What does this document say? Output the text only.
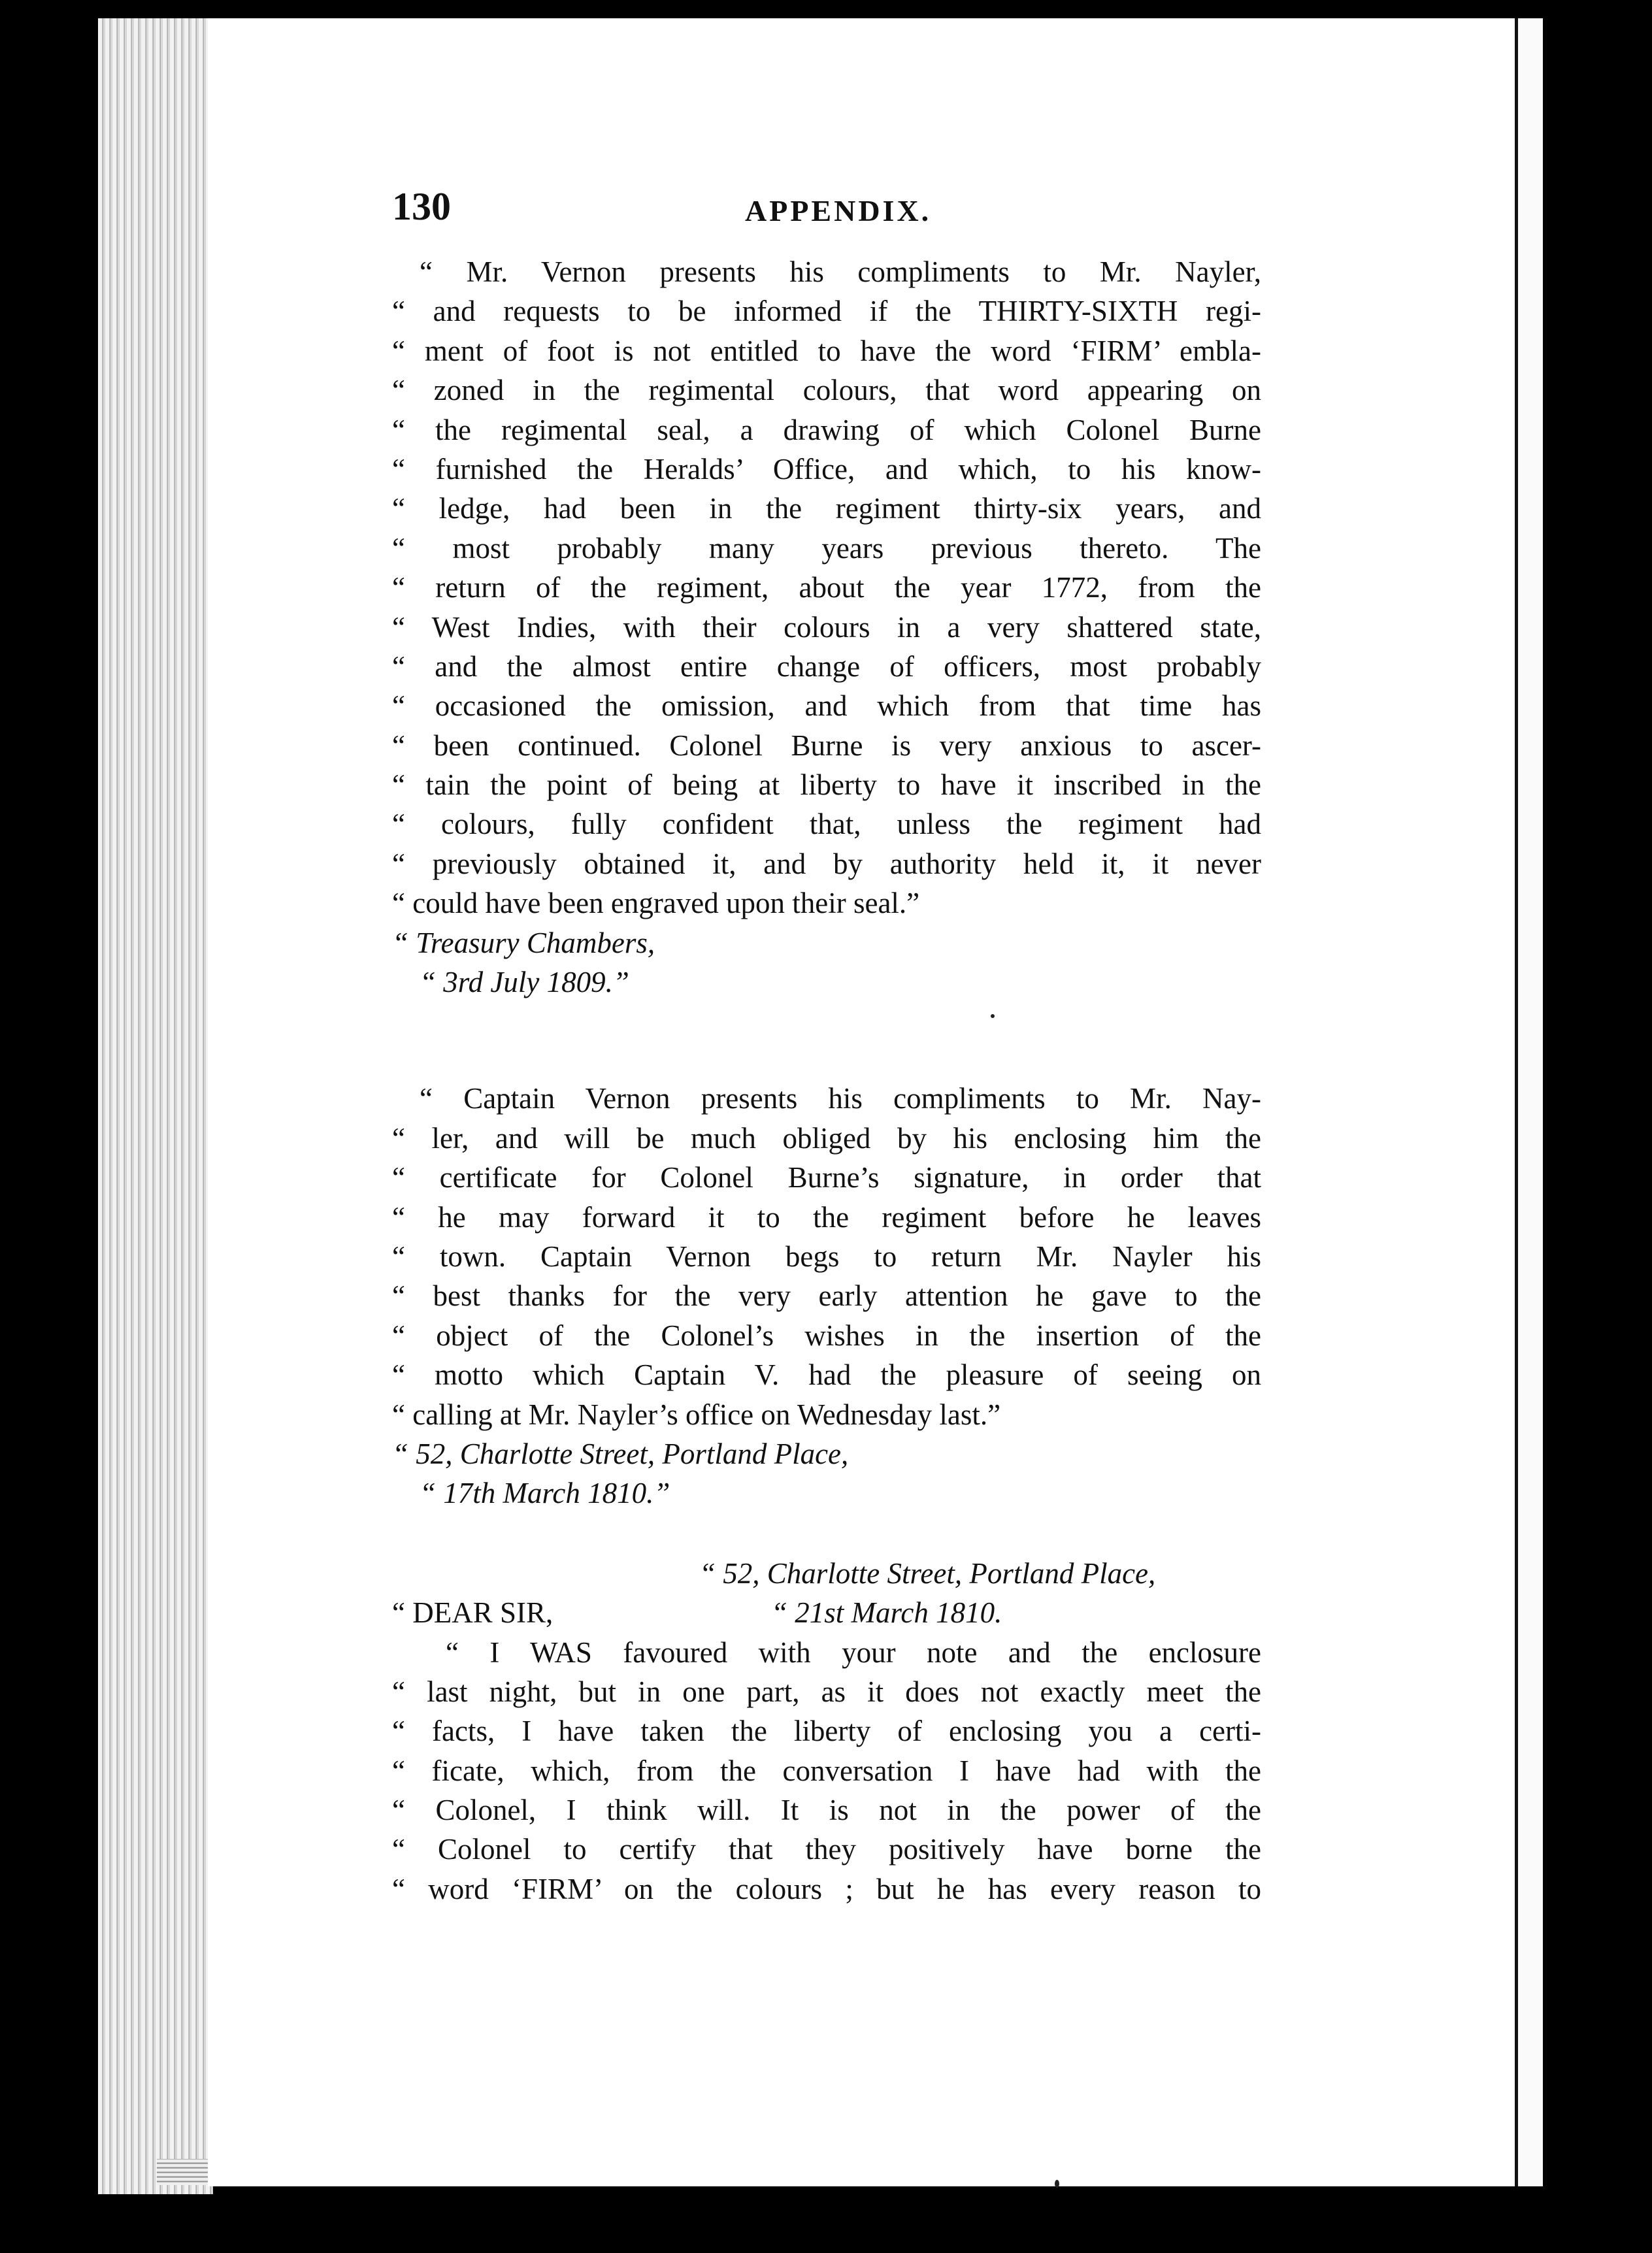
130	APPENDIX.
“ Mr. Vernon presents his compliments to Mr. Nayler,
“ and requests to be informed if the THIRTY-SIXTH regi-
“ ment of foot is not entitled to have the word ‘FIRM’ embla-
“ zoned in the regimental colours, that word appearing on
“ the regimental seal, a drawing of which Colonel Burne
“ furnished the Heralds’ Office, and which, to his know-
“ ledge, had been in the regiment thirty-six years, and
“ most probably many years previous thereto. The
“ return of the regiment, about the year 1772, from the
“ West Indies, with their colours in a very shattered state,
“ and the almost entire change of officers, most probably
“ occasioned the omission, and which from that time has
“ been continued. Colonel Burne is very anxious to ascer-
“ tain the point of being at liberty to have it inscribed in the
“ colours, fully confident that, unless the regiment had
“ previously obtained it, and by authority held it, it never
“ could have been engraved upon their seal.”
“ Treasury Chambers,
“ 3rd July 1809.”
“ Captain Vernon presents his compliments to Mr. Nay-
“ ler, and will be much obliged by his enclosing him the
“ certificate for Colonel Burne’s signature, in order that
“ he may forward it to the regiment before he leaves
“ town. Captain Vernon begs to return Mr. Nayler his
“ best thanks for the very early attention he gave to the
“ object of the Colonel’s wishes in the insertion of the
“ motto which Captain V. had the pleasure of seeing on
“ calling at Mr. Nayler’s office on Wednesday last.”
“ 52, Charlotte Street, Portland Place,
“ 17th March 1810.”
“ 52, Charlotte Street, Portland Place,
“ DEAR SIR,	“ 21st March 1810.
“ I WAS favoured with your note and the enclosure
“ last night, but in one part, as it does not exactly meet the
“ facts, I have taken the liberty of enclosing you a certi-
“ ficate, which, from the conversation I have had with the
“ Colonel, I think will. It is not in the power of the
“ Colonel to certify that they positively have borne the
“ word ‘FIRM’ on the colours ; but he has every reason to
